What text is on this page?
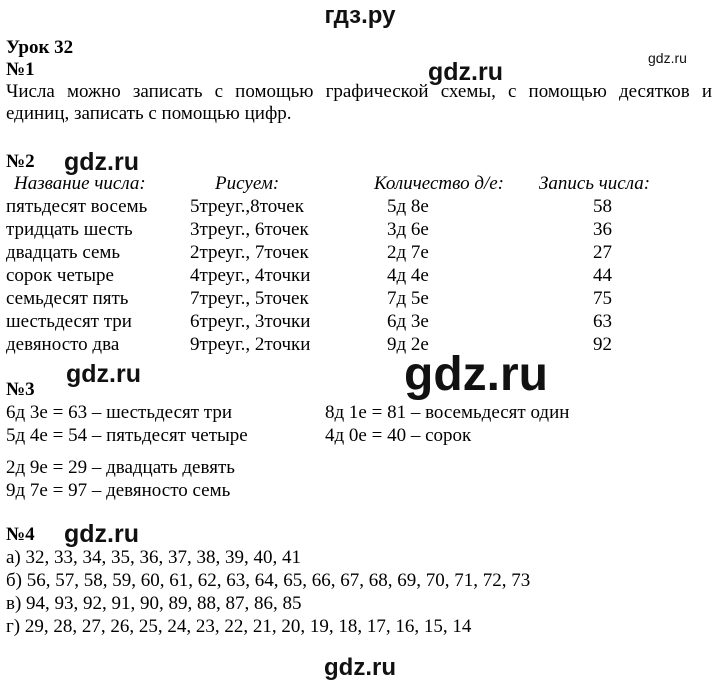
гдз.ру
gdz.ru
gdz.ru
gdz.ru
gdz.ru	gdz.ru
gdz.ru
gdz.ru
Урок 32
№1
Числа можно записать с помощью графической схемы, с помощью десятков и
единиц, записать с помощью цифр.
№2
Название числа:	Рисуем:	Количество д/е: Запись числа:
пятьдесят восемь 5треуг.,8точек	5д 8е	58
тридцать шесть	3треуг., 6точек	3д 6е	36
двадцать семь	2треуг., 7точек	2д 7е	27
сорок четыре	4треуг., 4точки	4д 4е	44
семьдесят пять	7треуг., 5точек	7д 5е	75
шестьдесят три	6треуг., 3точки	6д 3е	63
девяносто два	9треуг., 2точки	9д 2е	92
№3
6д 3е = 63 – шестьдесят три
5д 4е = 54 – пятьдесят четыре
8д 1е = 81 – восемьдесят один
4д 0е = 40 – сорок
2д 9е = 29 – двадцать девять
9д 7е = 97 – девяносто семь
№4
а) 32, 33, 34, 35, 36, 37, 38, 39, 40, 41
б) 56, 57, 58, 59, 60, 61, 62, 63, 64, 65, 66, 67, 68, 69, 70, 71, 72, 73
в) 94, 93, 92, 91, 90, 89, 88, 87, 86, 85
г) 29, 28, 27, 26, 25, 24, 23, 22, 21, 20, 19, 18, 17, 16, 15, 14
